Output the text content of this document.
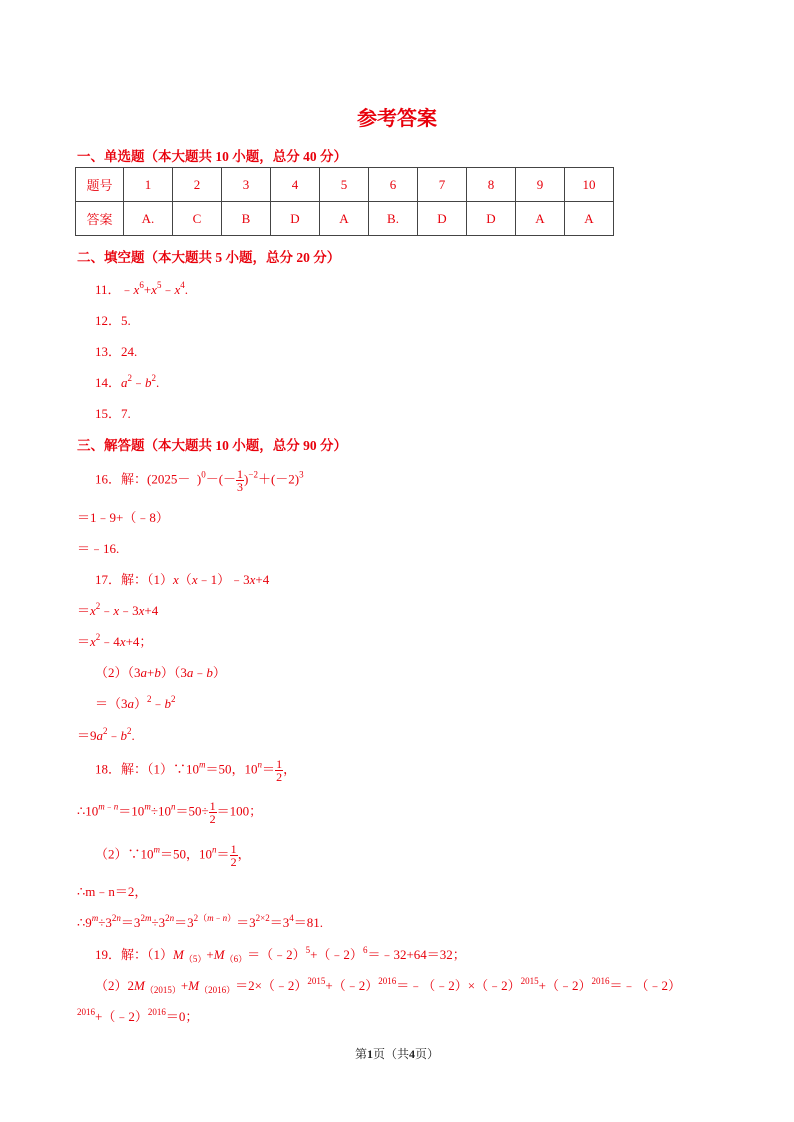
参考答案
一、单选题（本大题共 10 小题，总分 40 分）
题号	1	2	3	4	5	6	7	8	9	10
答案	A.	C	B	D	A	B.	D	D	A	A
二、填空题（本大题共 5 小题，总分 20 分）
11．$﹣x^6+x^5﹣x^4$.
12．5.
13．24.
14．$a^2﹣b^2$.
15．7.
三、解答题（本大题共 10 小题，总分 90 分）
16．解：$(2025- )^0-(- \frac{1}{3} )^{-2}+(-2)^3$
＝1﹣9+（﹣8）
＝﹣16.
17．解：（1）x（x﹣1）﹣3x+4
$=x^2﹣x﹣3x+4$
$=x^2﹣4x+4$；
（2）（3a+b）（3a﹣b）
$=(3a)^2﹣b^2$
$=9a^2﹣b^2$.
18．解：$(1)\because 10^m=50$，$10^n= \frac{1}{2}$ ，
$\therefore 10^{m﹣n}=10^m\div 10^n=50\div \frac{1}{2} =100$；
$(2)\because 10^m=50$，$10^n= \frac{1}{2}$ ，
∴m﹣n＝2，
$\therefore 9^m\div 3^{2n}=3^{2m}\div 3^{2n}=3^{2(m﹣n)}=3^{2\times 2}=3^4=81$.
19．解：$(1)M_{(5)}+M_{(6)}=(﹣2)^5+(﹣2)^6=﹣32+64=32$；
$(2)2M_{(2015)}+M_{(2016)}=2\times(﹣2)^{2015}+(﹣2)^{2016}=﹣(﹣2)\times(﹣2)^{2015}+(﹣2)^{2016}=﹣(﹣2)$
$^{2016}$+（﹣2）$^{2016}$＝0；
第1页（共4页）
